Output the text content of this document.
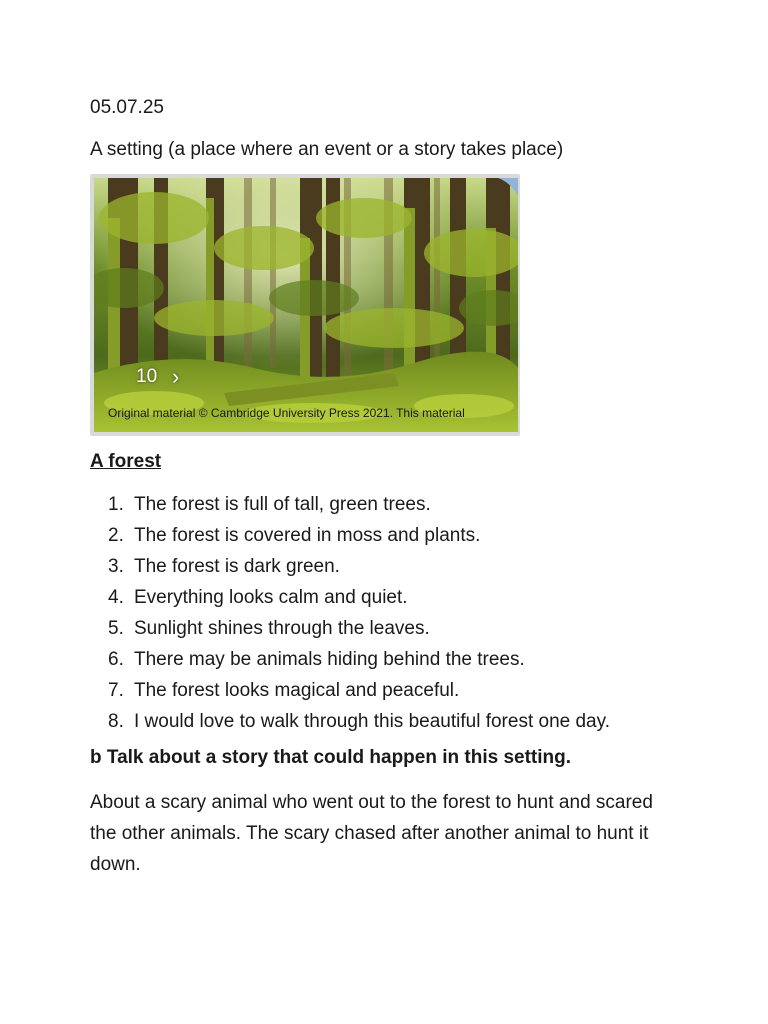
05.07.25
A setting (a place where an event or a story takes place)
10 ›
Original material © Cambridge University Press 2021. This material
A forest
1. The forest is full of tall, green trees.
2. The forest is covered in moss and plants.
3. The forest is dark green.
4. Everything looks calm and quiet.
5. Sunlight shines through the leaves.
6. There may be animals hiding behind the trees.
7. The forest looks magical and peaceful.
8. I would love to walk through this beautiful forest one day.
b Talk about a story that could happen in this setting.
About a scary animal who went out to the forest to hunt and scared the other animals. The scary chased after another animal to hunt it down.
